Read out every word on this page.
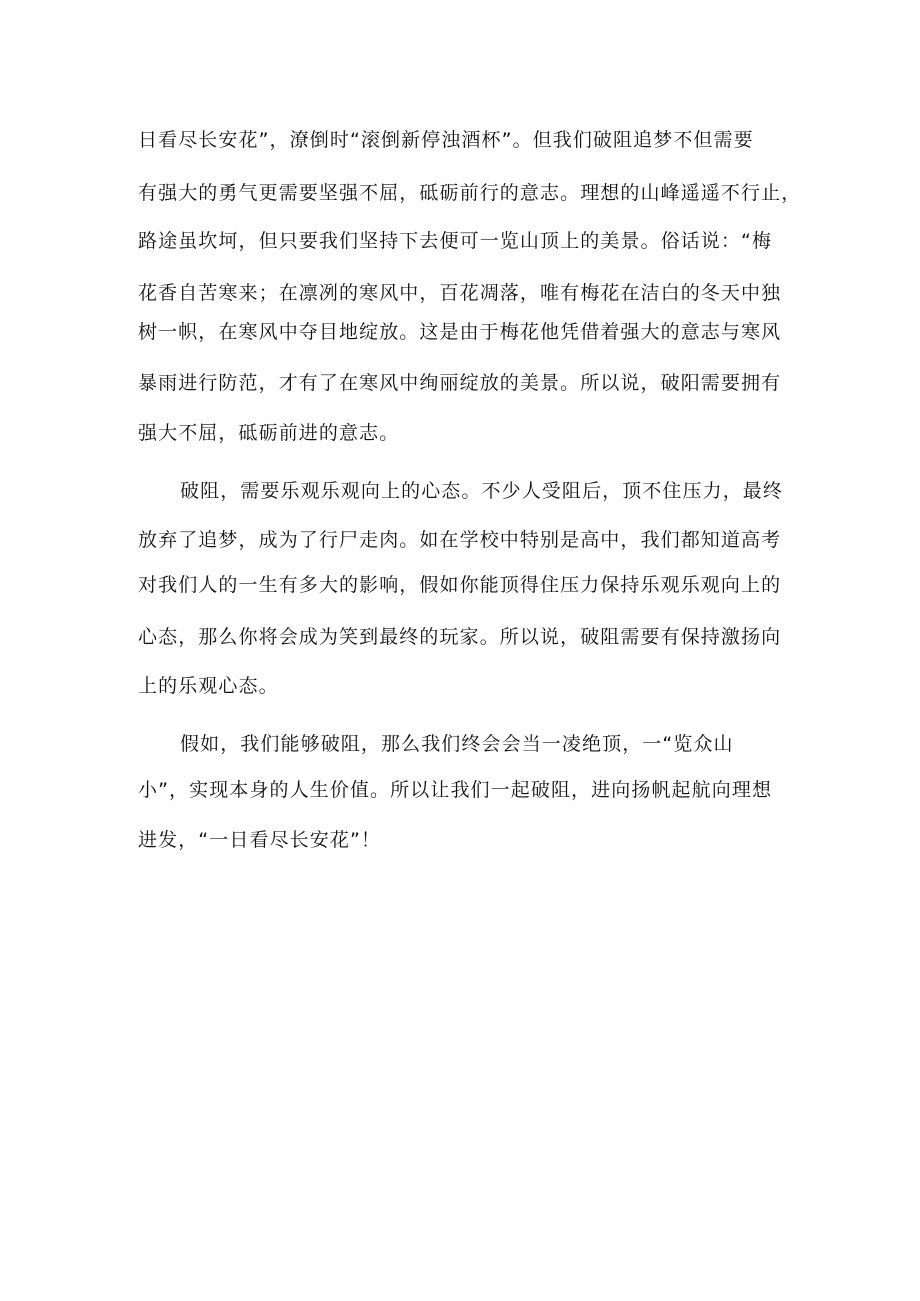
日看尽长安花”，潦倒时“滚倒新停浊酒杯”。但我们破阻追梦不但需要
有强大的勇气更需要坚强不屈，砥砺前行的意志。理想的山峰遥遥不行止，
路途虽坎坷，但只要我们坚持下去便可一览山顶上的美景。俗话说：“梅
花香自苦寒来；在凛冽的寒风中，百花凋落，唯有梅花在洁白的冬天中独
树一帜，在寒风中夺目地绽放。这是由于梅花他凭借着强大的意志与寒风
暴雨进行防范，才有了在寒风中绚丽绽放的美景。所以说，破阳需要拥有
强大不屈，砥砺前进的意志。
破阻，需要乐观乐观向上的心态。不少人受阻后，顶不住压力，最终
放弃了追梦，成为了行尸走肉。如在学校中特别是高中，我们都知道高考
对我们人的一生有多大的影响，假如你能顶得住压力保持乐观乐观向上的
心态，那么你将会成为笑到最终的玩家。所以说，破阻需要有保持激扬向
上的乐观心态。
假如，我们能够破阻，那么我们终会会当一凌绝顶，一“览众山
小”，实现本身的人生价值。所以让我们一起破阻，进向扬帆起航向理想
进发，“一日看尽长安花”！
